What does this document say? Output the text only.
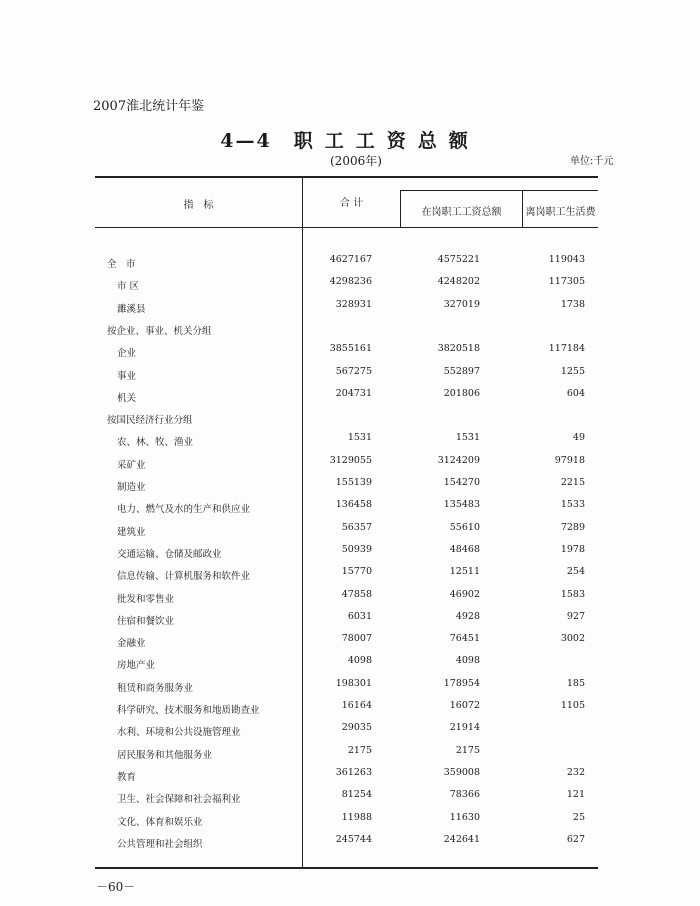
2007淮北统计年鉴
4—4 职工工资总额
(2006年)	单位:千元
指　标	合 计
在岗职工工资总额	离岗职工生活费
全　市	4627167	4575221	119043
市 区	4298236	4248202	117305
濉溪县	328931	327019	1738
按企业、事业、机关分组
企业	3855161	3820518	117184
事业	567275	552897	1255
机关	204731	201806	604
按国民经济行业分组
农、林、牧、渔业	1531	1531	49
采矿业	3129055	3124209	97918
制造业	155139	154270	2215
电力、燃气及水的生产和供应业	136458	135483	1533
建筑业	56357	55610	7289
交通运输、仓储及邮政业	50939	48468	1978
信息传输、计算机服务和软件业	15770	12511	254
批发和零售业	47858	46902	1583
住宿和餐饮业	6031	4928	927
金融业	78007	76451	3002
房地产业	4098	4098
租赁和商务服务业	198301	178954	185
科学研究、技术服务和地质勘查业	16164	16072	1105
水利、环境和公共设施管理业	29035	21914
居民服务和其他服务业	2175	2175
教育	361263	359008	232
卫生、社会保障和社会福利业	81254	78366	121
文化、体育和娱乐业	11988	11630	25
公共管理和社会组织	245744	242641	627
－60－
